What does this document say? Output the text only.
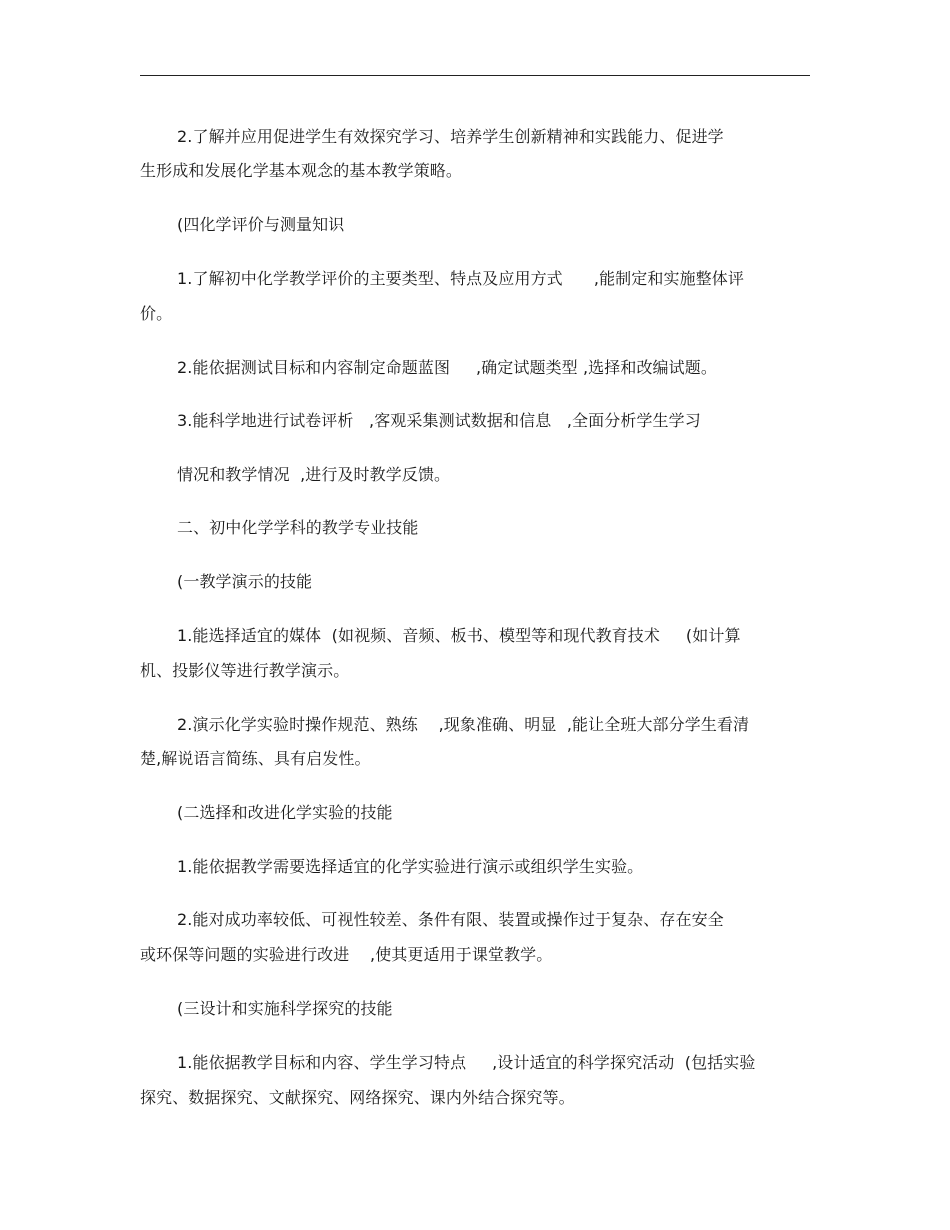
2.了解并应用促进学生有效探究学习、培养学生创新精神和实践能力、促进学
生形成和发展化学基本观念的基本教学策略。
(四化学评价与测量知识
1.了解初中化学教学评价的主要类型、特点及应用方式      ,能制定和实施整体评
价。
2.能依据测试目标和内容制定命题蓝图     ,确定试题类型 ,选择和改编试题。
3.能科学地进行试卷评析   ,客观采集测试数据和信息   ,全面分析学生学习
情况和教学情况  ,进行及时教学反馈。
二、初中化学学科的教学专业技能
(一教学演示的技能
1.能选择适宜的媒体  (如视频、音频、板书、模型等和现代教育技术     (如计算
机、投影仪等进行教学演示。
2.演示化学实验时操作规范、熟练    ,现象准确、明显  ,能让全班大部分学生看清
楚,解说语言简练、具有启发性。
(二选择和改进化学实验的技能
1.能依据教学需要选择适宜的化学实验进行演示或组织学生实验。
2.能对成功率较低、可视性较差、条件有限、装置或操作过于复杂、存在安全
或环保等问题的实验进行改进    ,使其更适用于课堂教学。
(三设计和实施科学探究的技能
1.能依据教学目标和内容、学生学习特点     ,设计适宜的科学探究活动  (包括实验
探究、数据探究、文献探究、网络探究、课内外结合探究等。
